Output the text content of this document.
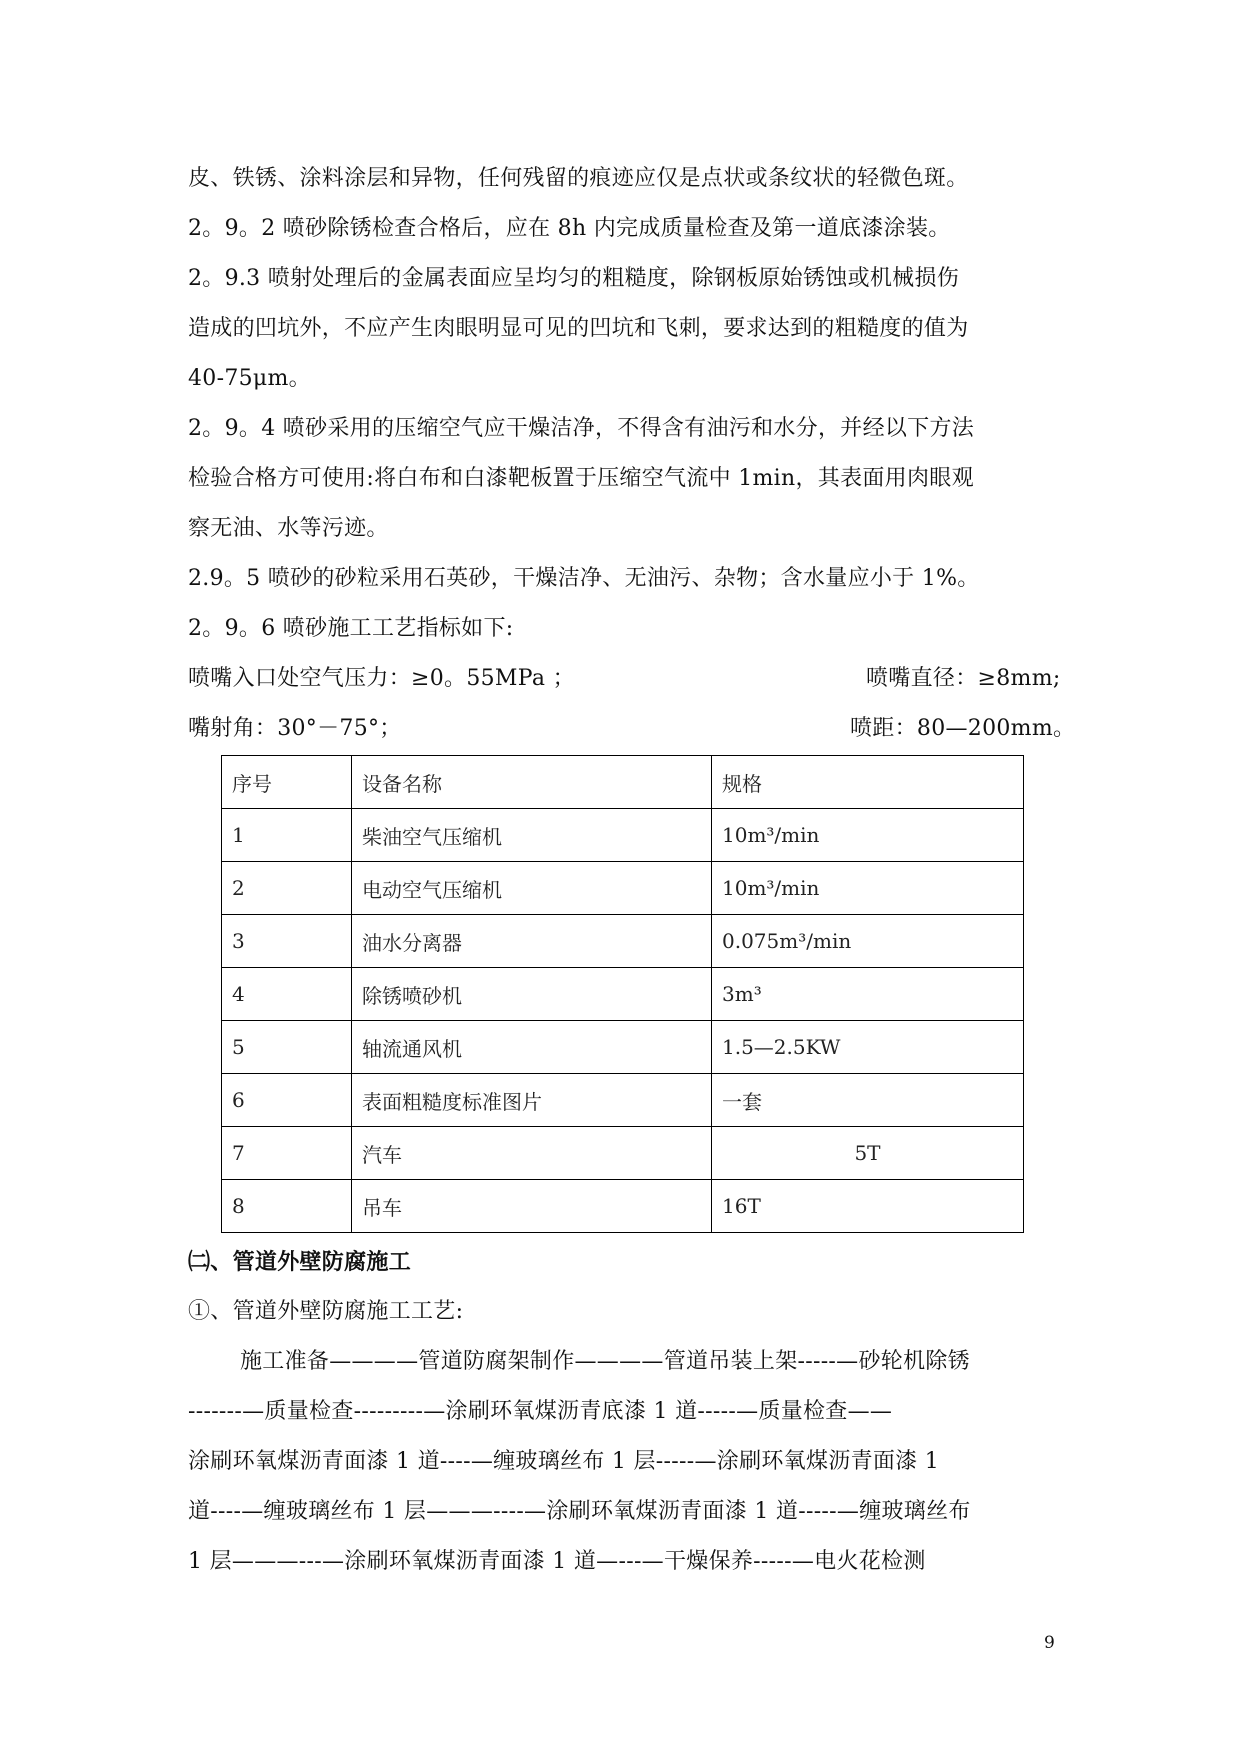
皮、铁锈、涂料涂层和异物，任何残留的痕迹应仅是点状或条纹状的轻微色斑。
2。9。2 喷砂除锈检查合格后，应在 8h 内完成质量检查及第一道底漆涂装。
2。9.3 喷射处理后的金属表面应呈均匀的粗糙度，除钢板原始锈蚀或机械损伤
造成的凹坑外，不应产生肉眼明显可见的凹坑和飞刺，要求达到的粗糙度的值为
40-75μm。
2。9。4 喷砂采用的压缩空气应干燥洁净，不得含有油污和水分，并经以下方法
检验合格方可使用:将白布和白漆靶板置于压缩空气流中 1min，其表面用肉眼观
察无油、水等污迹。
2.9。5 喷砂的砂粒采用石英砂，干燥洁净、无油污、杂物；含水量应小于 1%。
2。9。6 喷砂施工工艺指标如下:
喷嘴入口处空气压力：≥0。55MPa ；	喷嘴直径：≥8mm;
嘴射角：30°－75°；	喷距：80—200mm。
序号	设备名称	规格
1	柴油空气压缩机	10m³/min
2	电动空气压缩机	10m³/min
3	油水分离器	0.075m³/min
4	除锈喷砂机	3m³
5	轴流通风机	1.5—2.5KW
6	表面粗糙度标准图片	一套
7	汽车	5T
8	吊车	16T
㈡、管道外壁防腐施工
①、管道外壁防腐施工工艺:
施工准备————管道防腐架制作————管道吊装上架-----—砂轮机除锈
-------—质量检查---------—涂刷环氧煤沥青底漆 1 道-----—质量检查——
涂刷环氧煤沥青面漆 1 道----—缠玻璃丝布 1 层-----—涂刷环氧煤沥青面漆 1
道----—缠玻璃丝布 1 层———----—涂刷环氧煤沥青面漆 1 道-----—缠玻璃丝布
1 层———---—涂刷环氧煤沥青面漆 1 道—---—干燥保养-----—电火花检测
9
